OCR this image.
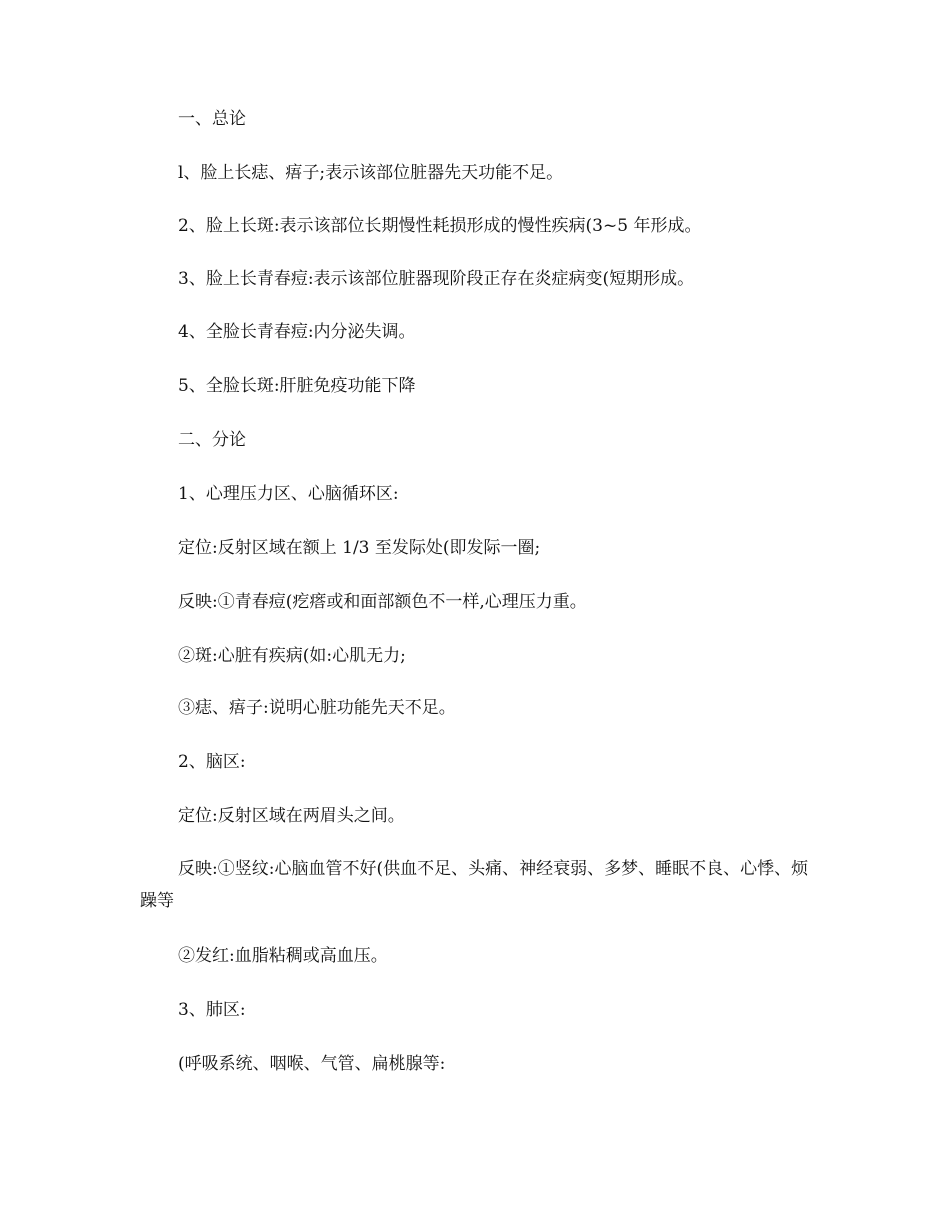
一、总论
l、脸上长痣、痦子;表示该部位脏器先天功能不足。
2、脸上长斑:表示该部位长期慢性耗损形成的慢性疾病(3~5 年形成。
3、脸上长青春痘:表示该部位脏器现阶段正存在炎症病变(短期形成。
4、全脸长青春痘:内分泌失调。
5、全脸长斑:肝脏免疫功能下降
二、分论
1、心理压力区、心脑循环区:
定位:反射区域在额上 1/3 至发际处(即发际一圈;
反映:①青春痘(疙瘩或和面部额色不一样,心理压力重。
②斑:心脏有疾病(如:心肌无力;
③痣、痦子:说明心脏功能先天不足。
2、脑区:
定位:反射区域在两眉头之间。
反映:①竖纹:心脑血管不好(供血不足、头痛、神经衰弱、多梦、睡眠不良、心悸、烦躁等
②发红:血脂粘稠或高血压。
3、肺区:
(呼吸系统、咽喉、气管、扁桃腺等:
